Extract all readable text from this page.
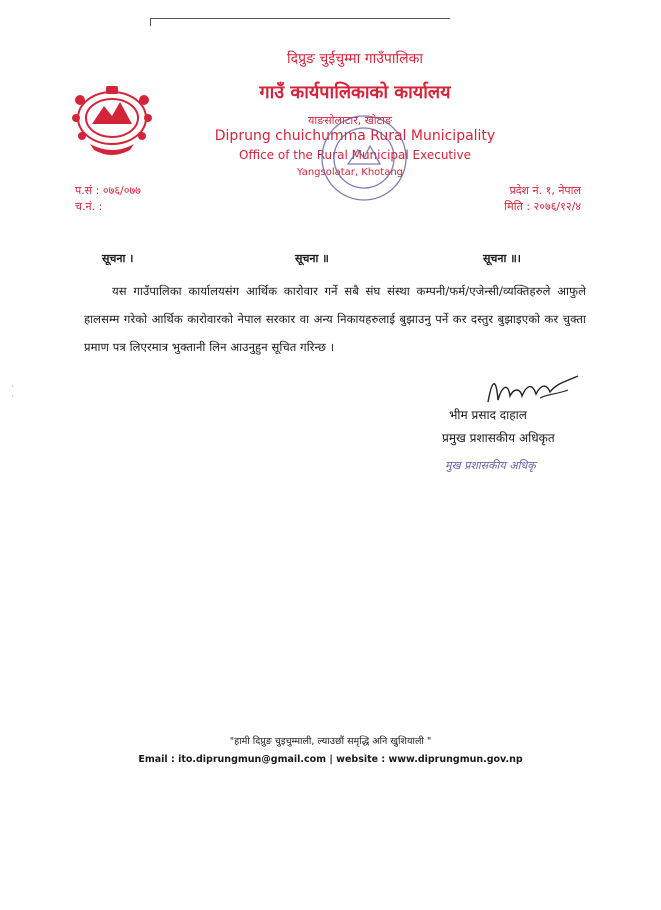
दिप्रुङ चुईचुम्मा गाउँपालिका
गाउँ कार्यपालिकाको कार्यालय
याङसोलाटार, खोटाङ
Diprung chuichumma Rural Municipality
Office of the Rural Municipal Executive
Yangsolatar, Khotang
प.सं : ०७६/०७७
च.नं. :
प्रदेश नं. १, नेपाल
मिति : २०७६/१२/४
सूचना ।	सूचना ॥	सूचना ॥।
यस गाउँपालिका कार्यालयसंग आर्थिक कारोवार गर्ने सबै संघ संस्था कम्पनी/फर्म/एजेन्सी/व्यक्तिहरुले आफुले हालसम्म गरेको आर्थिक कारोवारको नेपाल सरकार वा अन्य निकायहरुलाई बुझाउनु पर्ने कर दस्तुर बुझाइएको कर चुक्ता प्रमाण पत्र लिएरमात्र भुक्तानी लिन आउनुहुन सूचित गरिन्छ ।
भीम प्रसाद दाहाल
प्रमुख प्रशासकीय अधिकृत
मुख प्रशासकीय अधिकृ
"हामी दिप्रुङ चुइचुम्माली, ल्याउछौं समृद्धि अनि खुशियाली "
Email : ito.diprungmun@gmail.com | website : www.diprungmun.gov.np
·
·
